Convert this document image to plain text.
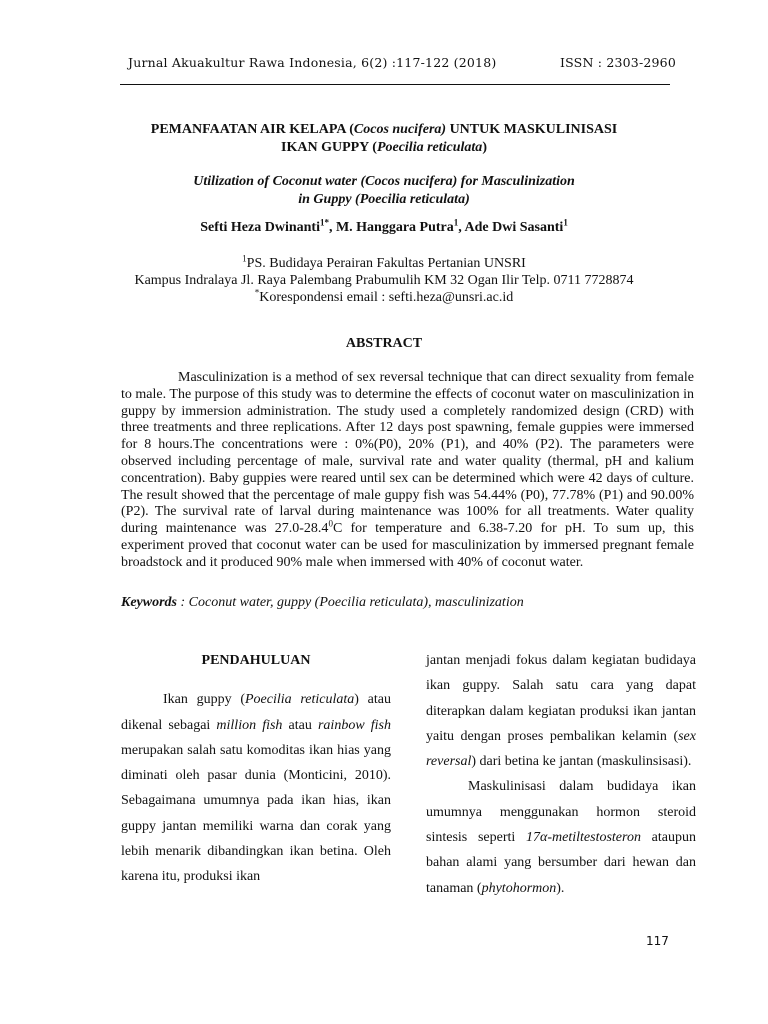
Jurnal Akuakultur Rawa Indonesia, 6(2) :117-122 (2018)	ISSN : 2303-2960
PEMANFAATAN AIR KELAPA (Cocos nucifera) UNTUK MASKULINISASI
IKAN GUPPY (Poecilia reticulata)
Utilization of Coconut water (Cocos nucifera) for Masculinization
in Guppy (Poecilia reticulata)
Sefti Heza Dwinanti$^{1*}$, M. Hanggara Putra$^1$, Ade Dwi Sasanti$^1$
$^1$PS. Budidaya Perairan Fakultas Pertanian UNSRI
Kampus Indralaya Jl. Raya Palembang Prabumulih KM 32 Ogan Ilir Telp. 0711 7728874
*Korespondensi email : sefti.heza@unsri.ac.id
ABSTRACT

Masculinization is a method of sex reversal technique that can direct sexuality from female to male. The purpose of this study was to determine the effects of coconut water on masculinization in guppy by immersion administration. The study used a completely randomized design (CRD) with three treatments and three replications. After 12 days post spawning, female guppies were immersed for 8 hours.The concentrations were : 0%(P0), 20% (P1), and 40% (P2). The parameters were observed including percentage of male, survival rate and water quality (thermal, pH and kalium concentration). Baby guppies were reared until sex can be determined which were 42 days of culture. The result showed that the percentage of male guppy fish was 54.44% (P0), 77.78% (P1) and 90.00% (P2). The survival rate of larval during maintenance was 100% for all treatments. Water quality during maintenance was 27.0-28.4$^0$C for temperature and 6.38-7.20 for pH. To sum up, this experiment proved that coconut water can be used for masculinization by immersed pregnant female broadstock and it produced 90% male when immersed with 40% of coconut water.

Keywords : Coconut water, guppy (Poecilia reticulata), masculinization
PENDAHULUAN

Ikan guppy (Poecilia reticulata) atau dikenal sebagai million fish atau rainbow fish merupakan salah satu komoditas ikan hias yang diminati oleh pasar dunia (Monticini, 2010). Sebagaimana umumnya pada ikan hias, ikan guppy jantan memiliki warna dan corak yang lebih menarik dibandingkan ikan betina. Oleh karena itu, produksi ikan

jantan menjadi fokus dalam kegiatan budidaya ikan guppy. Salah satu cara yang dapat diterapkan dalam kegiatan produksi ikan jantan yaitu dengan proses pembalikan kelamin (sex reversal) dari betina ke jantan (maskulinsisasi).

Maskulinisasi dalam budidaya ikan umumnya menggunakan hormon steroid sintesis seperti 17α-metiltestosteron ataupun bahan alami yang bersumber dari hewan dan tanaman (phytohormon).

117
